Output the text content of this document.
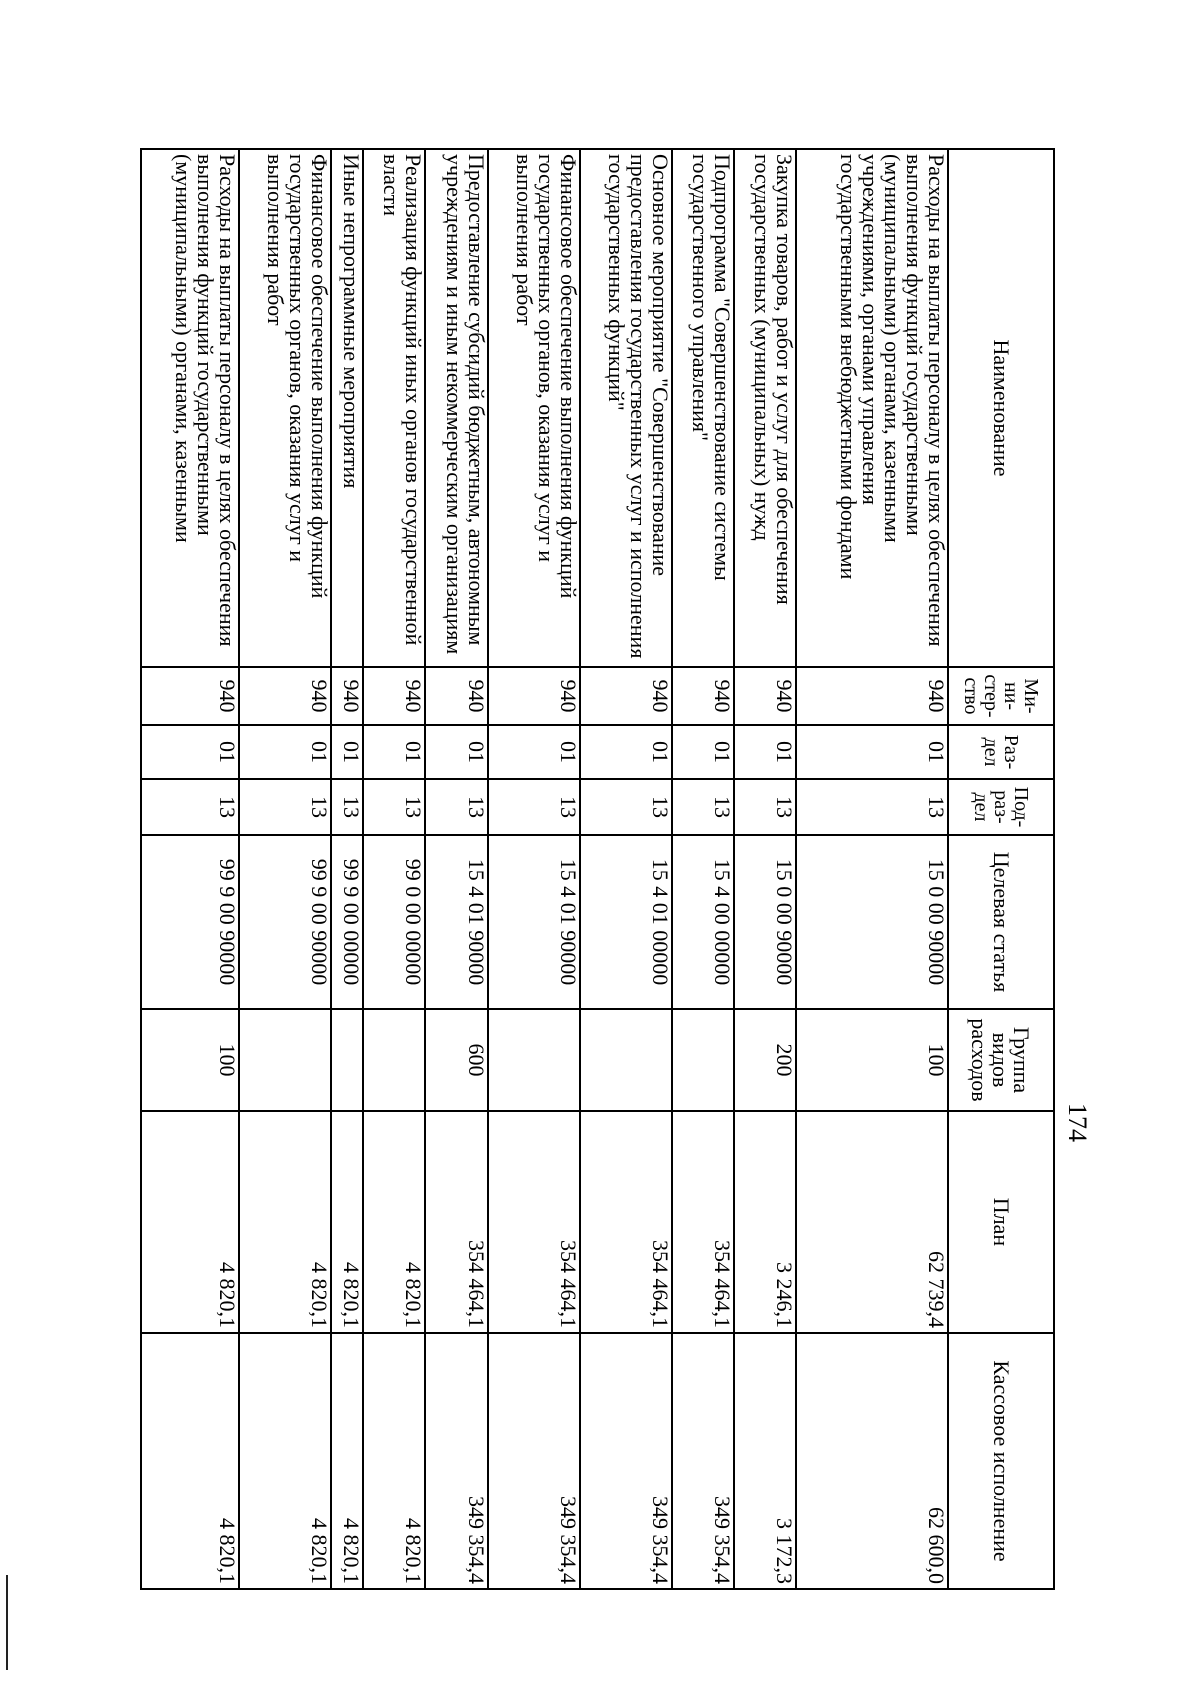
174
Наименование	Ми-ни-стер-ство	Раз-дел	Под-раз-дел	Целевая статья	Группа видов расходов	План	Кассовое исполнение
Расходы на выплаты персоналу в целях обеспечения выполнения функций государственными (муниципальными) органами, казенными учреждениями, органами управления государственными внебюджетными фондами	940	01	13	15 0 00 90000	100	62 739,4	62 600,0
Закупка товаров, работ и услуг для обеспечения государственных (муниципальных) нужд	940	01	13	15 0 00 90000	200	3 246,1	3 172,3
Подпрограмма "Совершенствование системы государственного управления"	940	01	13	15 4 00 00000		354 464,1	349 354,4
Основное мероприятие "Совершенствование предоставления государственных услуг и исполнения государственных функций"	940	01	13	15 4 01 00000		354 464,1	349 354,4
Финансовое обеспечение выполнения функций государственных органов, оказания услуг и выполнения работ	940	01	13	15 4 01 90000		354 464,1	349 354,4
Предоставление субсидий бюджетным, автономным учреждениям и иным некоммерческим организациям	940	01	13	15 4 01 90000	600	354 464,1	349 354,4
Реализация функций иных органов государственной власти	940	01	13	99 0 00 00000		4 820,1	4 820,1
Иные непрограммные мероприятия	940	01	13	99 9 00 00000		4 820,1	4 820,1
Финансовое обеспечение выполнения функций государственных органов, оказания услуг и выполнения работ	940	01	13	99 9 00 90000		4 820,1	4 820,1
Расходы на выплаты персоналу в целях обеспечения выполнения функций государственными (муниципальными) органами, казенными	940	01	13	99 9 00 90000	100	4 820,1	4 820,1
